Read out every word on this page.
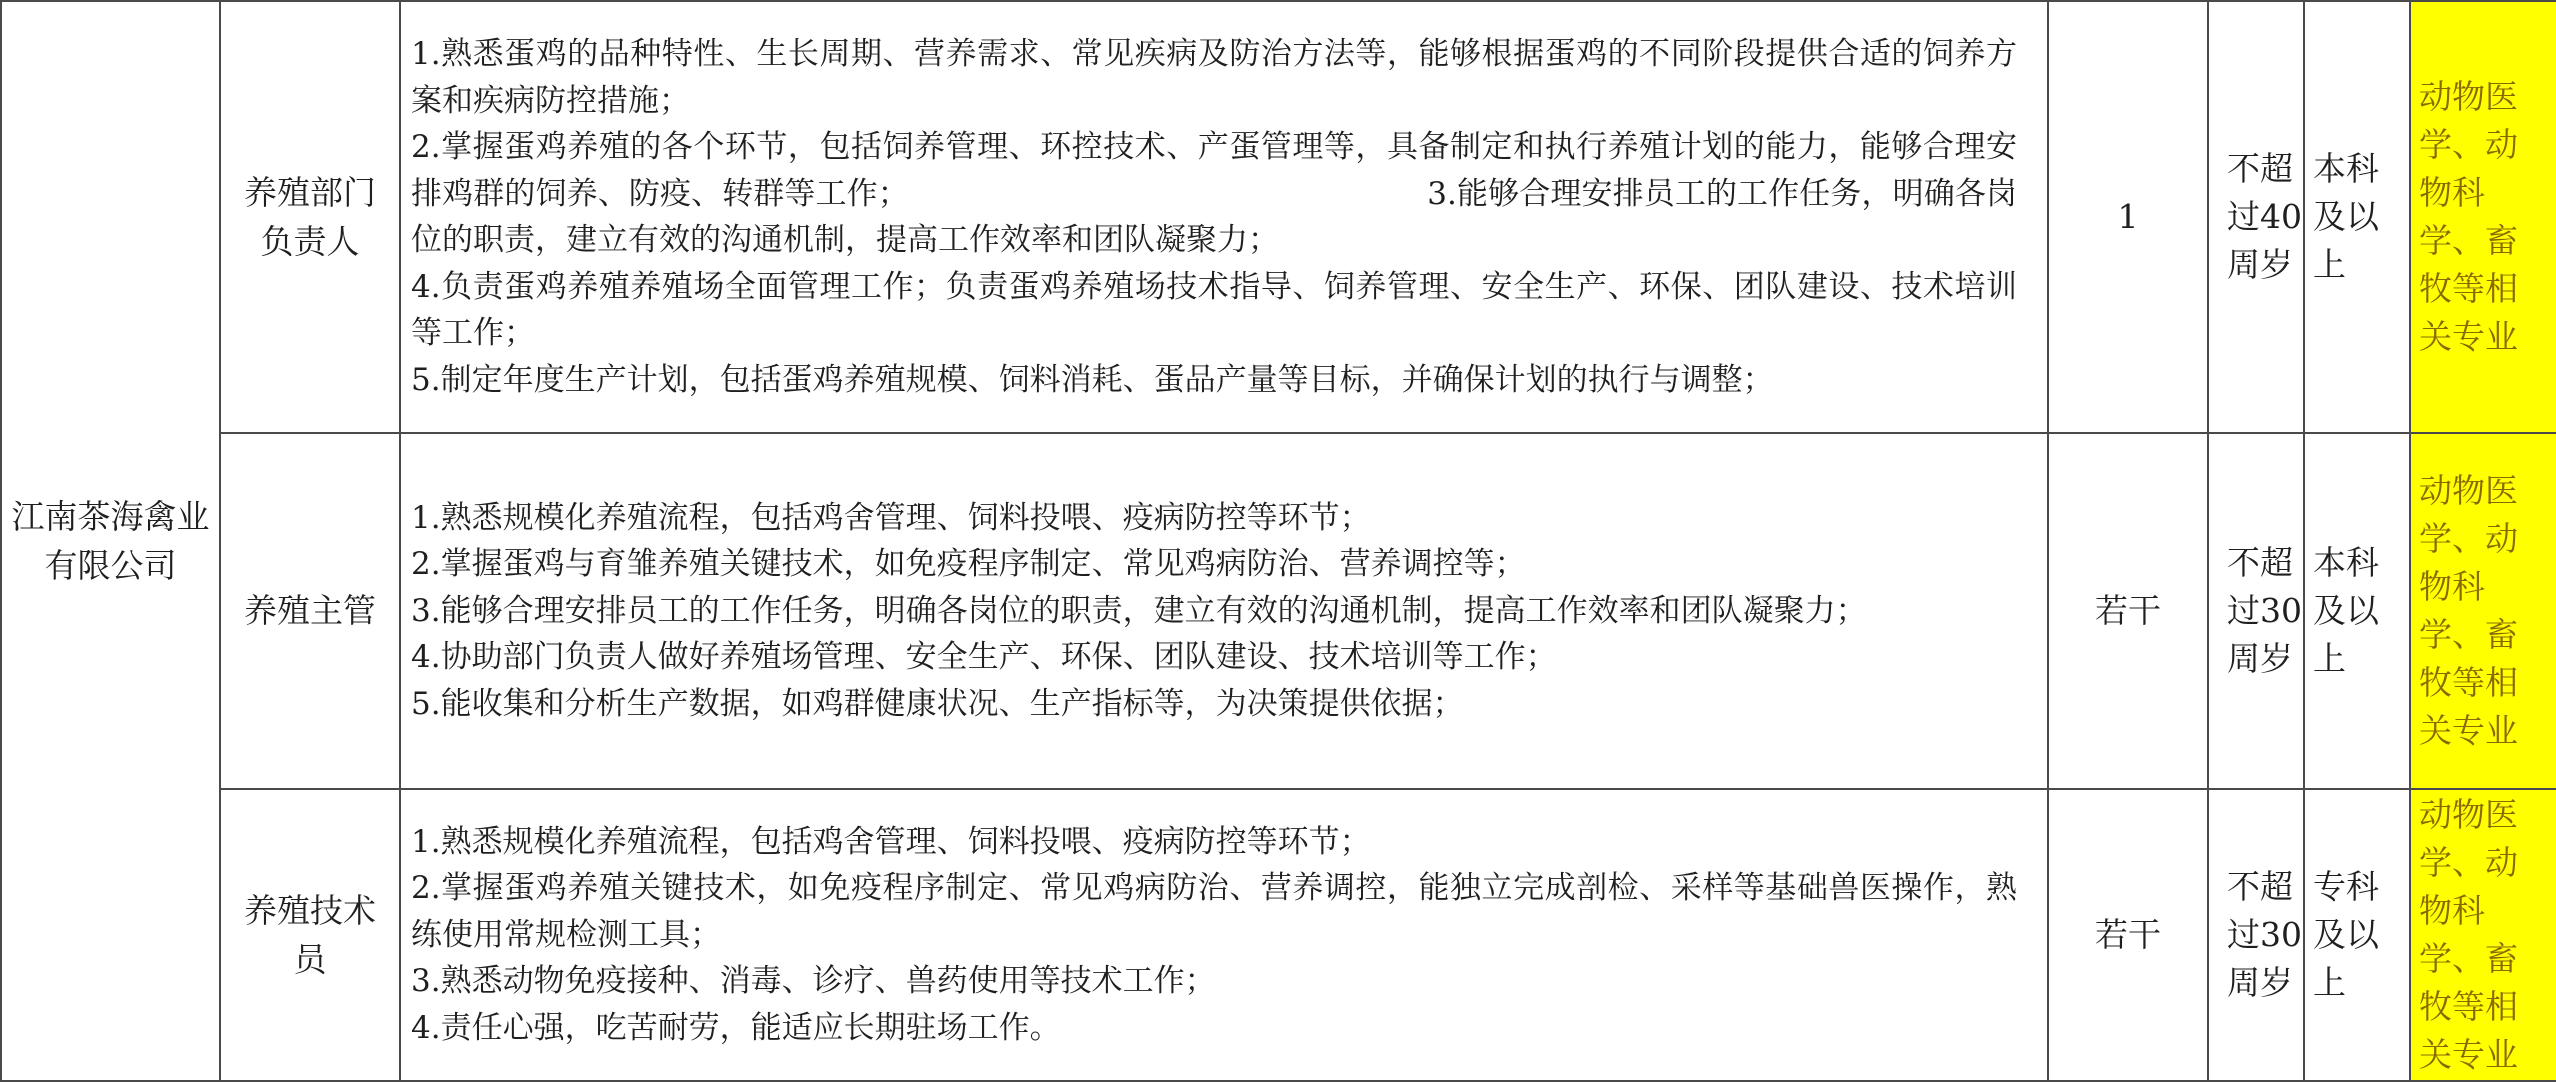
江南茶海禽业有限公司	养殖部门负责人	1.熟悉蛋鸡的品种特性、生长周期、营养需求、常见疾病及防治方法等，能够根据蛋鸡的不同阶段提供合适的饲养方案和疾病防控措施；
2.掌握蛋鸡养殖的各个环节，包括饲养管理、环控技术、产蛋管理等，具备制定和执行养殖计划的能力，能够合理安排鸡群的饲养、防疫、转群等工作；                                                    3.能够合理安排员工的工作任务，明确各岗位的职责，建立有效的沟通机制，提高工作效率和团队凝聚力；
4.负责蛋鸡养殖养殖场全面管理工作；负责蛋鸡养殖场技术指导、饲养管理、安全生产、环保、团队建设、技术培训等工作；
5.制定年度生产计划，包括蛋鸡养殖规模、饲料消耗、蛋品产量等目标，并确保计划的执行与调整；	1	不超过40周岁	本科及以上	动物医学、动物科学、畜牧等相关专业
	养殖主管	1.熟悉规模化养殖流程，包括鸡舍管理、饲料投喂、疫病防控等环节；
2.掌握蛋鸡与育雏养殖关键技术，如免疫程序制定、常见鸡病防治、营养调控等；
3.能够合理安排员工的工作任务，明确各岗位的职责，建立有效的沟通机制，提高工作效率和团队凝聚力；
4.协助部门负责人做好养殖场管理、安全生产、环保、团队建设、技术培训等工作；
5.能收集和分析生产数据，如鸡群健康状况、生产指标等，为决策提供依据；	若干	不超过30周岁	本科及以上	动物医学、动物科学、畜牧等相关专业
	养殖技术员	1.熟悉规模化养殖流程，包括鸡舍管理、饲料投喂、疫病防控等环节；
2.掌握蛋鸡养殖关键技术，如免疫程序制定、常见鸡病防治、营养调控，能独立完成剖检、采样等基础兽医操作，熟练使用常规检测工具；
3.熟悉动物免疫接种、消毒、诊疗、兽药使用等技术工作；
4.责任心强，吃苦耐劳，能适应长期驻场工作。	若干	不超过30周岁	专科及以上	动物医学、动物科学、畜牧等相关专业
